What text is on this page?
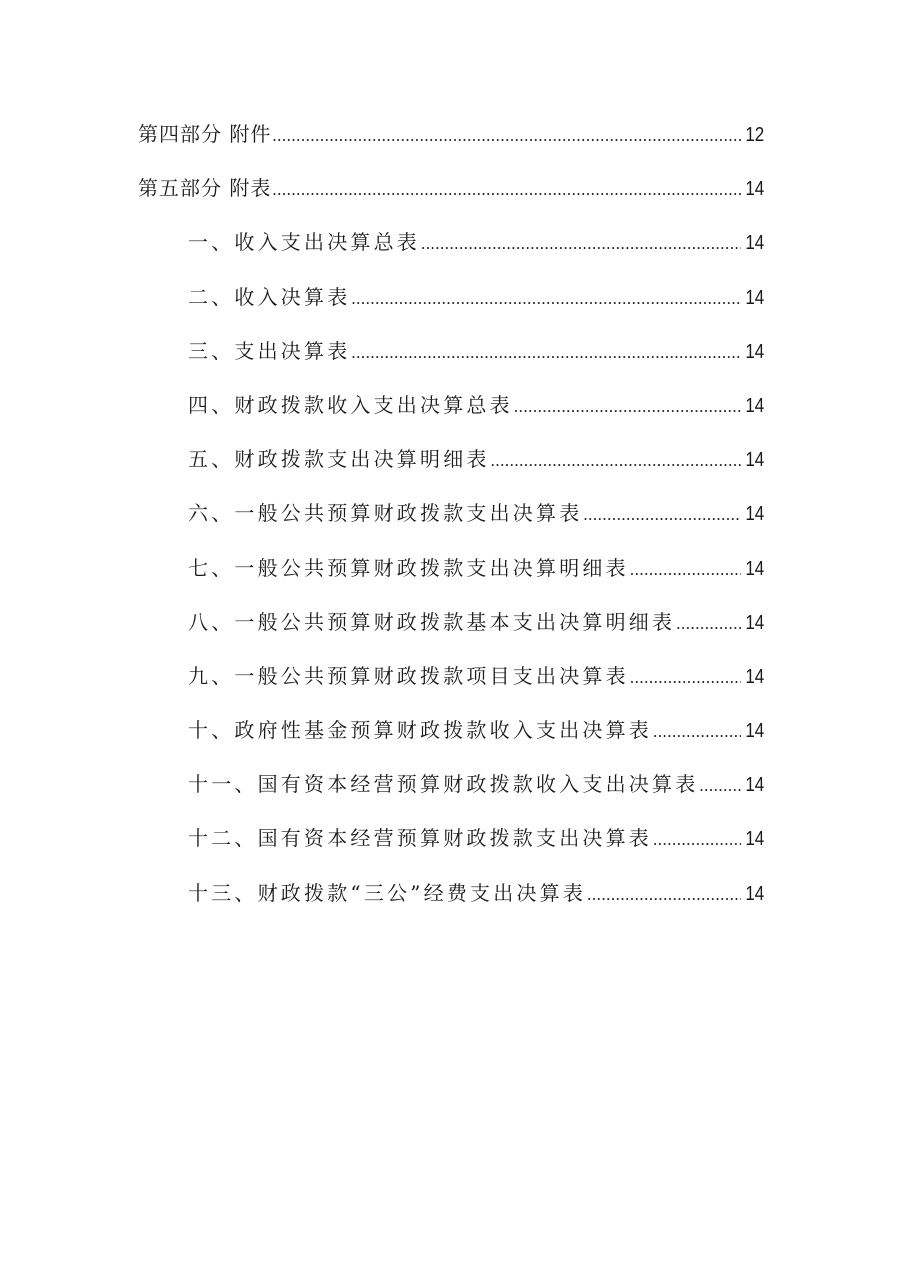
第四部分 附件 .....	12
第五部分 附表 .....	14
一、收入支出决算总表 .....	14
二、收入决算表 .....	14
三、支出决算表 .....	14
四、财政拨款收入支出决算总表 .....	14
五、财政拨款支出决算明细表 .....	14
六、一般公共预算财政拨款支出决算表 .....	14
七、一般公共预算财政拨款支出决算明细表 .....	14
八、一般公共预算财政拨款基本支出决算明细表 .....	14
九、一般公共预算财政拨款项目支出决算表 .....	14
十、政府性基金预算财政拨款收入支出决算表 .....	14
十一、国有资本经营预算财政拨款收入支出决算表 ..... 14
十二、国有资本经营预算财政拨款支出决算表 .....	14
十三、财政拨款“三公”经费支出决算表 .....	14
